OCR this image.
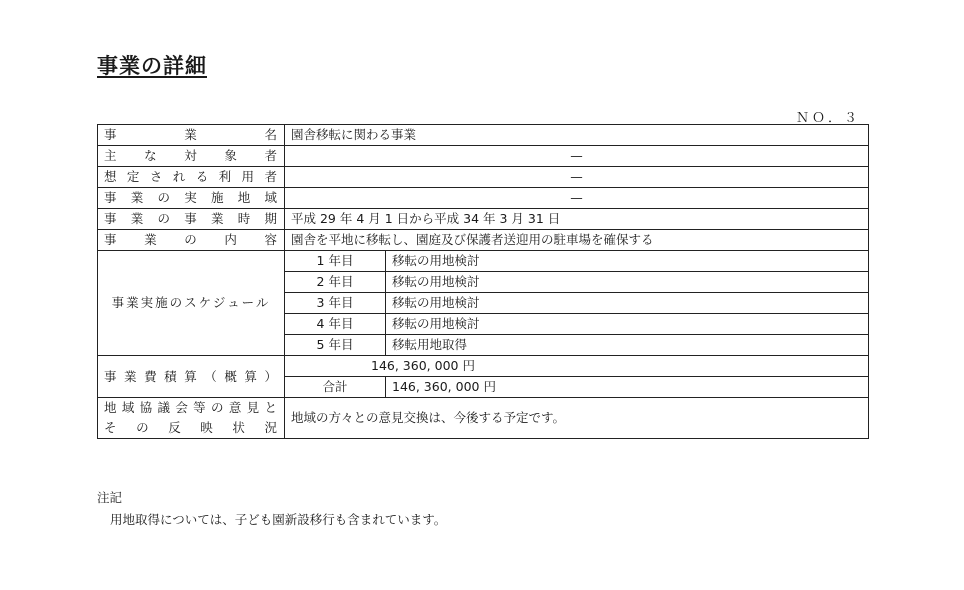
事業の詳細
ＮＯ．３
事業名	園舎移転に関わる事業	

主な対象者	—	

想定される利用者	—	

事業の実施地域	—	

事業の事業時期	平成 29 年 4 月 1 日から平成 34 年 3 月 31 日	

事業の内容	園舎を平地に移転し、園庭及び保護者送迎用の駐車場を確保する	
事業実施のスケジュール	1 年目	移転の用地検討
	2 年目	移転の用地検討
	3 年目	移転の用地検討
	4 年目	移転の用地検討
	5 年目	移転用地取得

事業費積算（概算）	146, 360, 000 円	
	合計	146, 360, 000 円

地域協議会等の意見と
その反映状況	地域の方々との意見交換は、今後する予定です。	
注記
用地取得については、子ども園新設移行も含まれています。
